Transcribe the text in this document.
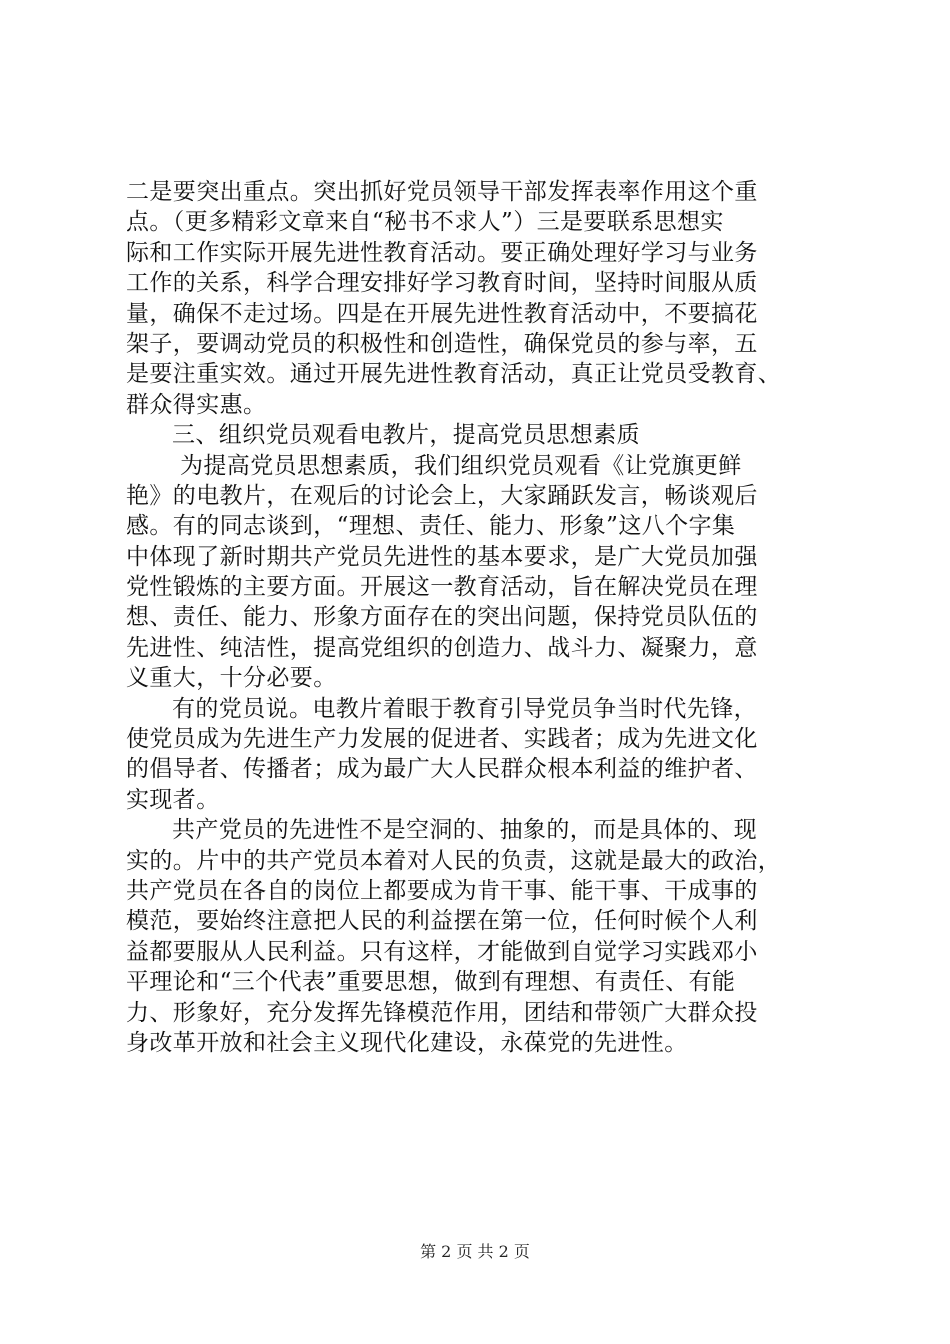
二是要突出重点。突出抓好党员领导干部发挥表率作用这个重
点。（更多精彩文章来自“秘书不求人”）三是要联系思想实
际和工作实际开展先进性教育活动。要正确处理好学习与业务
工作的关系，科学合理安排好学习教育时间，坚持时间服从质
量，确保不走过场。四是在开展先进性教育活动中，不要搞花
架子，要调动党员的积极性和创造性，确保党员的参与率，五
是要注重实效。通过开展先进性教育活动，真正让党员受教育、
群众得实惠。
三、组织党员观看电教片，提高党员思想素质
为提高党员思想素质，我们组织党员观看《让党旗更鲜
艳》的电教片，在观后的讨论会上，大家踊跃发言，畅谈观后
感。有的同志谈到，“理想、责任、能力、形象”这八个字集
中体现了新时期共产党员先进性的基本要求，是广大党员加强
党性锻炼的主要方面。开展这一教育活动，旨在解决党员在理
想、责任、能力、形象方面存在的突出问题，保持党员队伍的
先进性、纯洁性，提高党组织的创造力、战斗力、凝聚力，意
义重大，十分必要。
有的党员说。电教片着眼于教育引导党员争当时代先锋，
使党员成为先进生产力发展的促进者、实践者；成为先进文化
的倡导者、传播者；成为最广大人民群众根本利益的维护者、
实现者。
共产党员的先进性不是空洞的、抽象的，而是具体的、现
实的。片中的共产党员本着对人民的负责，这就是最大的政治，
共产党员在各自的岗位上都要成为肯干事、能干事、干成事的
模范，要始终注意把人民的利益摆在第一位，任何时候个人利
益都要服从人民利益。只有这样，才能做到自觉学习实践邓小
平理论和“三个代表”重要思想，做到有理想、有责任、有能
力、形象好，充分发挥先锋模范作用，团结和带领广大群众投
身改革开放和社会主义现代化建设，永葆党的先进性。
第 2 页 共 2 页
